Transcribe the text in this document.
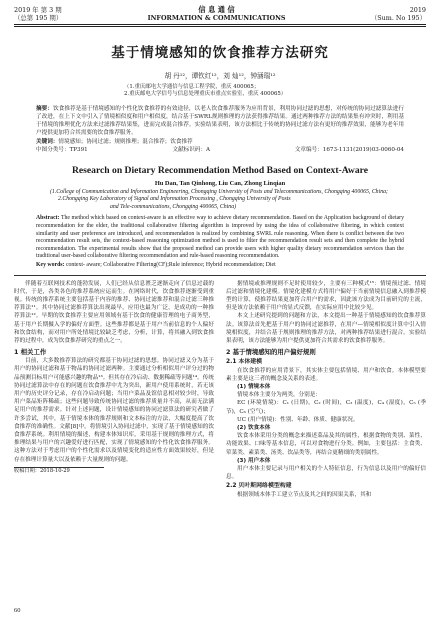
2019 年 第 3 期
（总第 195 期）
信 息 通 信
INFORMATION & COMMUNICATIONS
2019
（Sum. No 195）
基于情境感知的饮食推荐方法研究
胡 丹¹²，谭钦红¹²，刘 灿¹²，钟涵瑞¹²
（1.重庆邮电大学通信与信息工程学院，重庆 400065；
2.重庆邮电大学信号与信息处理重庆市重点实验室，重庆 400065）
摘要：饮食推荐是基于情境感知的个性化饮食推荐的有效途径，以老人饮食推荐服务为应用背景，利用协同过滤的思想，对传统的协同过滤算法进行了改进，在上下文中引入了情境相似度和用户相似度，结合基于SWRL规则推理的方法获得推荐结果。通过两种推荐方法的结果集有冲突时，利用基于情境的推理优化方法来过滤推荐结果集，进而完成混合推荐。实验结果表明，该方法相比于传统的协同过滤方法有更好的推荐效果，能够为老年用户提供更加符合其需要的饮食推荐服务。
关键词：情境感知；协同过滤；规则推理；混合推荐；饮食推荐
中图分类号：TP391	文献标识码：A	文章编号：1673-1131(2019)03-0060-04
Research on Dietary Recommendation Method Based on Context-Aware
Hu Dan, Tan Qinhong, Liu Can, Zhong Linqian
(1.College of Communication and Information Engineering, Chongqing University of Posts and Telecommunications, Chongqing 400065, China;
2.Chongqing Key Laboratory of Signal and Information Processing , Chongqing University of Posts
and Tele-communications, Chongqing 400065, China)
Abstract: The method which based on context-aware is an effective way to achieve dietary recommendation. Based on the Application background of dietary recommendation for the elder, the traditional collaborative filtering algorithm is improved by using the idea of collaborative filtering, in which context similarity and user preference are introduced, and recommendation is realized by combining SWRL rule reasoning. When there is conflict between the two recommendation result sets, the context-based reasoning optimization method is used to filter the recommendation result sets and then complete the hybrid recommendation. The experimental results show that the proposed method can provide users with higher quality dietary recommendation services than the traditional user-based collaborative filtering recommendation and rule-based reasoning recommendation.
Key words: context- aware; Collaborative Filtering(CF);Rule inference; Hybrid recommendation; Diet

伴随着互联网技术的蓬勃发展，人们已经从信息匮乏逐渐走向了信息过载的时代，于是，各类各色的推荐系统应运而生。在网络时代，饮食推荐逐渐受到重视。传统的推荐系统主要包括基于内容的推荐、协同过滤推荐和混合过滤三种推荐算法¹¹。其中协同过滤推荐算法出现最早，应用也最为广泛，是成功的一种推荐算法¹²。早期的饮食推荐主要应用领域有基于饮食的健康管理的电子商务型，基于用户长期摄入学的偏好方面型。这些推荐都是基于用户当前信息的个人偏好和饮食结构，而对用户所处情境比较缺乏考虑，分析，计算，将其融入到饮食推荐的过程中，成为饮食推荐研究的重点之一。

1 相关工作

目前，大多数推荐算法的研究都基于协同过滤的思想。协同过滤又分为基于用户的协同过滤和基于物品的协同过滤两种。主要通过分析相似用户评分过的物品预测目标用户可能感兴趣的物品¹³。但其存在冷启动、数据稀疏等问题¹⁴。传统协同过滤算法中存在的问题在饮食推荐中尤为突出，新用户使用系统时，若无该用户的历史评分记录，存在冷启动问题；当用户菜品及馆信息相对较少时，导致用户菜品矩阵稀疏；这些问题导致传统协同过滤的推荐质量并不高，从而无法满足用户的推荐需求。针对上述问题，设计情境感知的协同过滤算法的研究者做了许多尝试，其中，基于情境本体的推荐规则和文本标注的方法，大幅度提高了饮食推荐的准确性。文献[8]中，将情境引入协同过滤中，实现了基于情境感知的饮食推荐系统。利用情境的描述，构建本体知识库，采用基于规则的推理方式，将推理结果与用户的兴趣爱好进行匹配，实现了情境感知的个性化饮食推荐服务。这种方法对于考虑用户的个性化需求以及情境变化的适应性方面效果较好，但是存在推理计算量大以及依赖于大量规则的问题。

收稿日期：2018-10-29

据情境或推理规则不足时使用较少，主要有三种模式¹⁵：情境预过滤、情境后过滤和情境化建模。情境化建模方式将用户偏好于当前情境信息融入到推荐模型的计算，使推荐结果更加符合用户的需求，因此该方法成为目前研究的主流，但是该方法依赖于用户的显式反馈，在实际应用中比较少见。

本文上述研究提到的问题和方法，本文提出一种基于情境感知的饮食推荐算法。该算法首先把基于用户的协同过滤推荐，在用户—情境相似度计算中引入情境相似度，并结合基于规则推理的推荐方法，对两种推荐结果进行混合。实验结果表明，该方法能够为用户提供更加符合其需求的饮食推荐服务。

2 基于情境感知的用户偏好规则
2.1 本体建模

在饮食推荐的应用背景下，其实体主要包括情境、用户和饮食。本体模型要素主要是这三者的概念及关系的表述。

(1) 情境本体

情境本体主要分为两类，分别是：

EC (环境情境)：C₁ (日期)，C₂ (时间)，C₃ (温度)，C₄ (湿度)，C₅ (季节)，C₆ (空气)；

UC (用户情境)：性别、年龄、体质、健康状况。

(2) 饮食本体

饮食本体采用分类的概念来描述菜品及其的属性，根据食物的类别、菜性、功能效果、口味等基本信息，可以对食物进行分类。例如，主要包括：主食类、荤菜类、素菜类、汤类、饮品类等，再结合更精细的类别属性。

(3) 用户本体

用户本体主要记录与用户相关的个人特征信息，行为信息以及用户的偏好信息。

2.2 贝叶斯网络模型构建

根据领域本体手工建立节点及其之间的因果关系，其和

60
